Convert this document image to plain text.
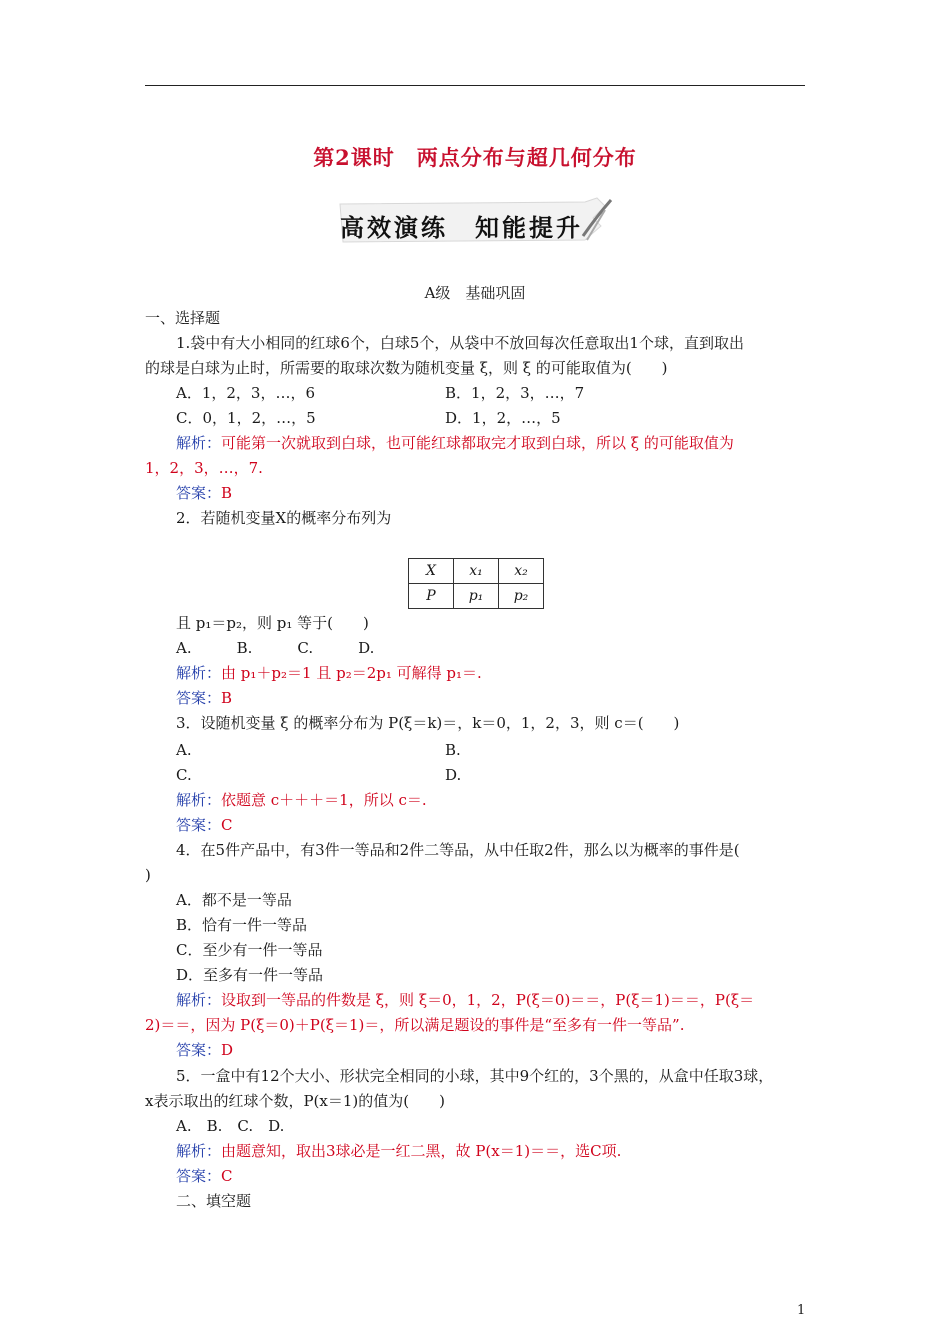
第2课时　两点分布与超几何分布
高效演练　知能提升
A级　基础巩固
一、选择题
1.袋中有大小相同的红球6个，白球5个，从袋中不放回每次任意取出1个球，直到取出
的球是白球为止时，所需要的取球次数为随机变量 ξ，则 ξ 的可能取值为(　　)
A．1，2，3，…，6	B．1，2，3，…，7
C．0，1，2，…，5	D．1，2，…，5
解析：可能第一次就取到白球，也可能红球都取完才取到白球，所以 ξ 的可能取值为
1，2，3，…，7.
答案：B
2．若随机变量X的概率分布列为
X	x₁	x₂
P	p₁	p₂
且 p₁＝p₂，则 p₁ 等于(　　)
A.　　　B.　　　C.　　　D.
解析：由 p₁＋p₂＝1 且 p₂＝2p₁ 可解得 p₁＝.
答案：B
3．设随机变量 ξ 的概率分布为 P(ξ＝k)＝，k＝0，1，2，3，则 c＝(　　)
A.	B.
C.	D.
解析：依题意 c＋＋＋＝1，所以 c＝.
答案：C
4．在5件产品中，有3件一等品和2件二等品，从中任取2件，那么以为概率的事件是(
)
A．都不是一等品
B．恰有一件一等品
C．至少有一件一等品
D．至多有一件一等品
解析：设取到一等品的件数是 ξ，则 ξ＝0，1，2，P(ξ＝0)＝＝，P(ξ＝1)＝＝，P(ξ＝
2)＝＝，因为 P(ξ＝0)＋P(ξ＝1)＝，所以满足题设的事件是“至多有一件一等品”.
答案：D
5．一盒中有12个大小、形状完全相同的小球，其中9个红的，3个黑的，从盒中任取3球，
x表示取出的红球个数，P(x＝1)的值为(　　)
A.　B.　C.　D.
解析：由题意知，取出3球必是一红二黑，故 P(x＝1)＝＝，选C项.
答案：C
二、填空题
1
